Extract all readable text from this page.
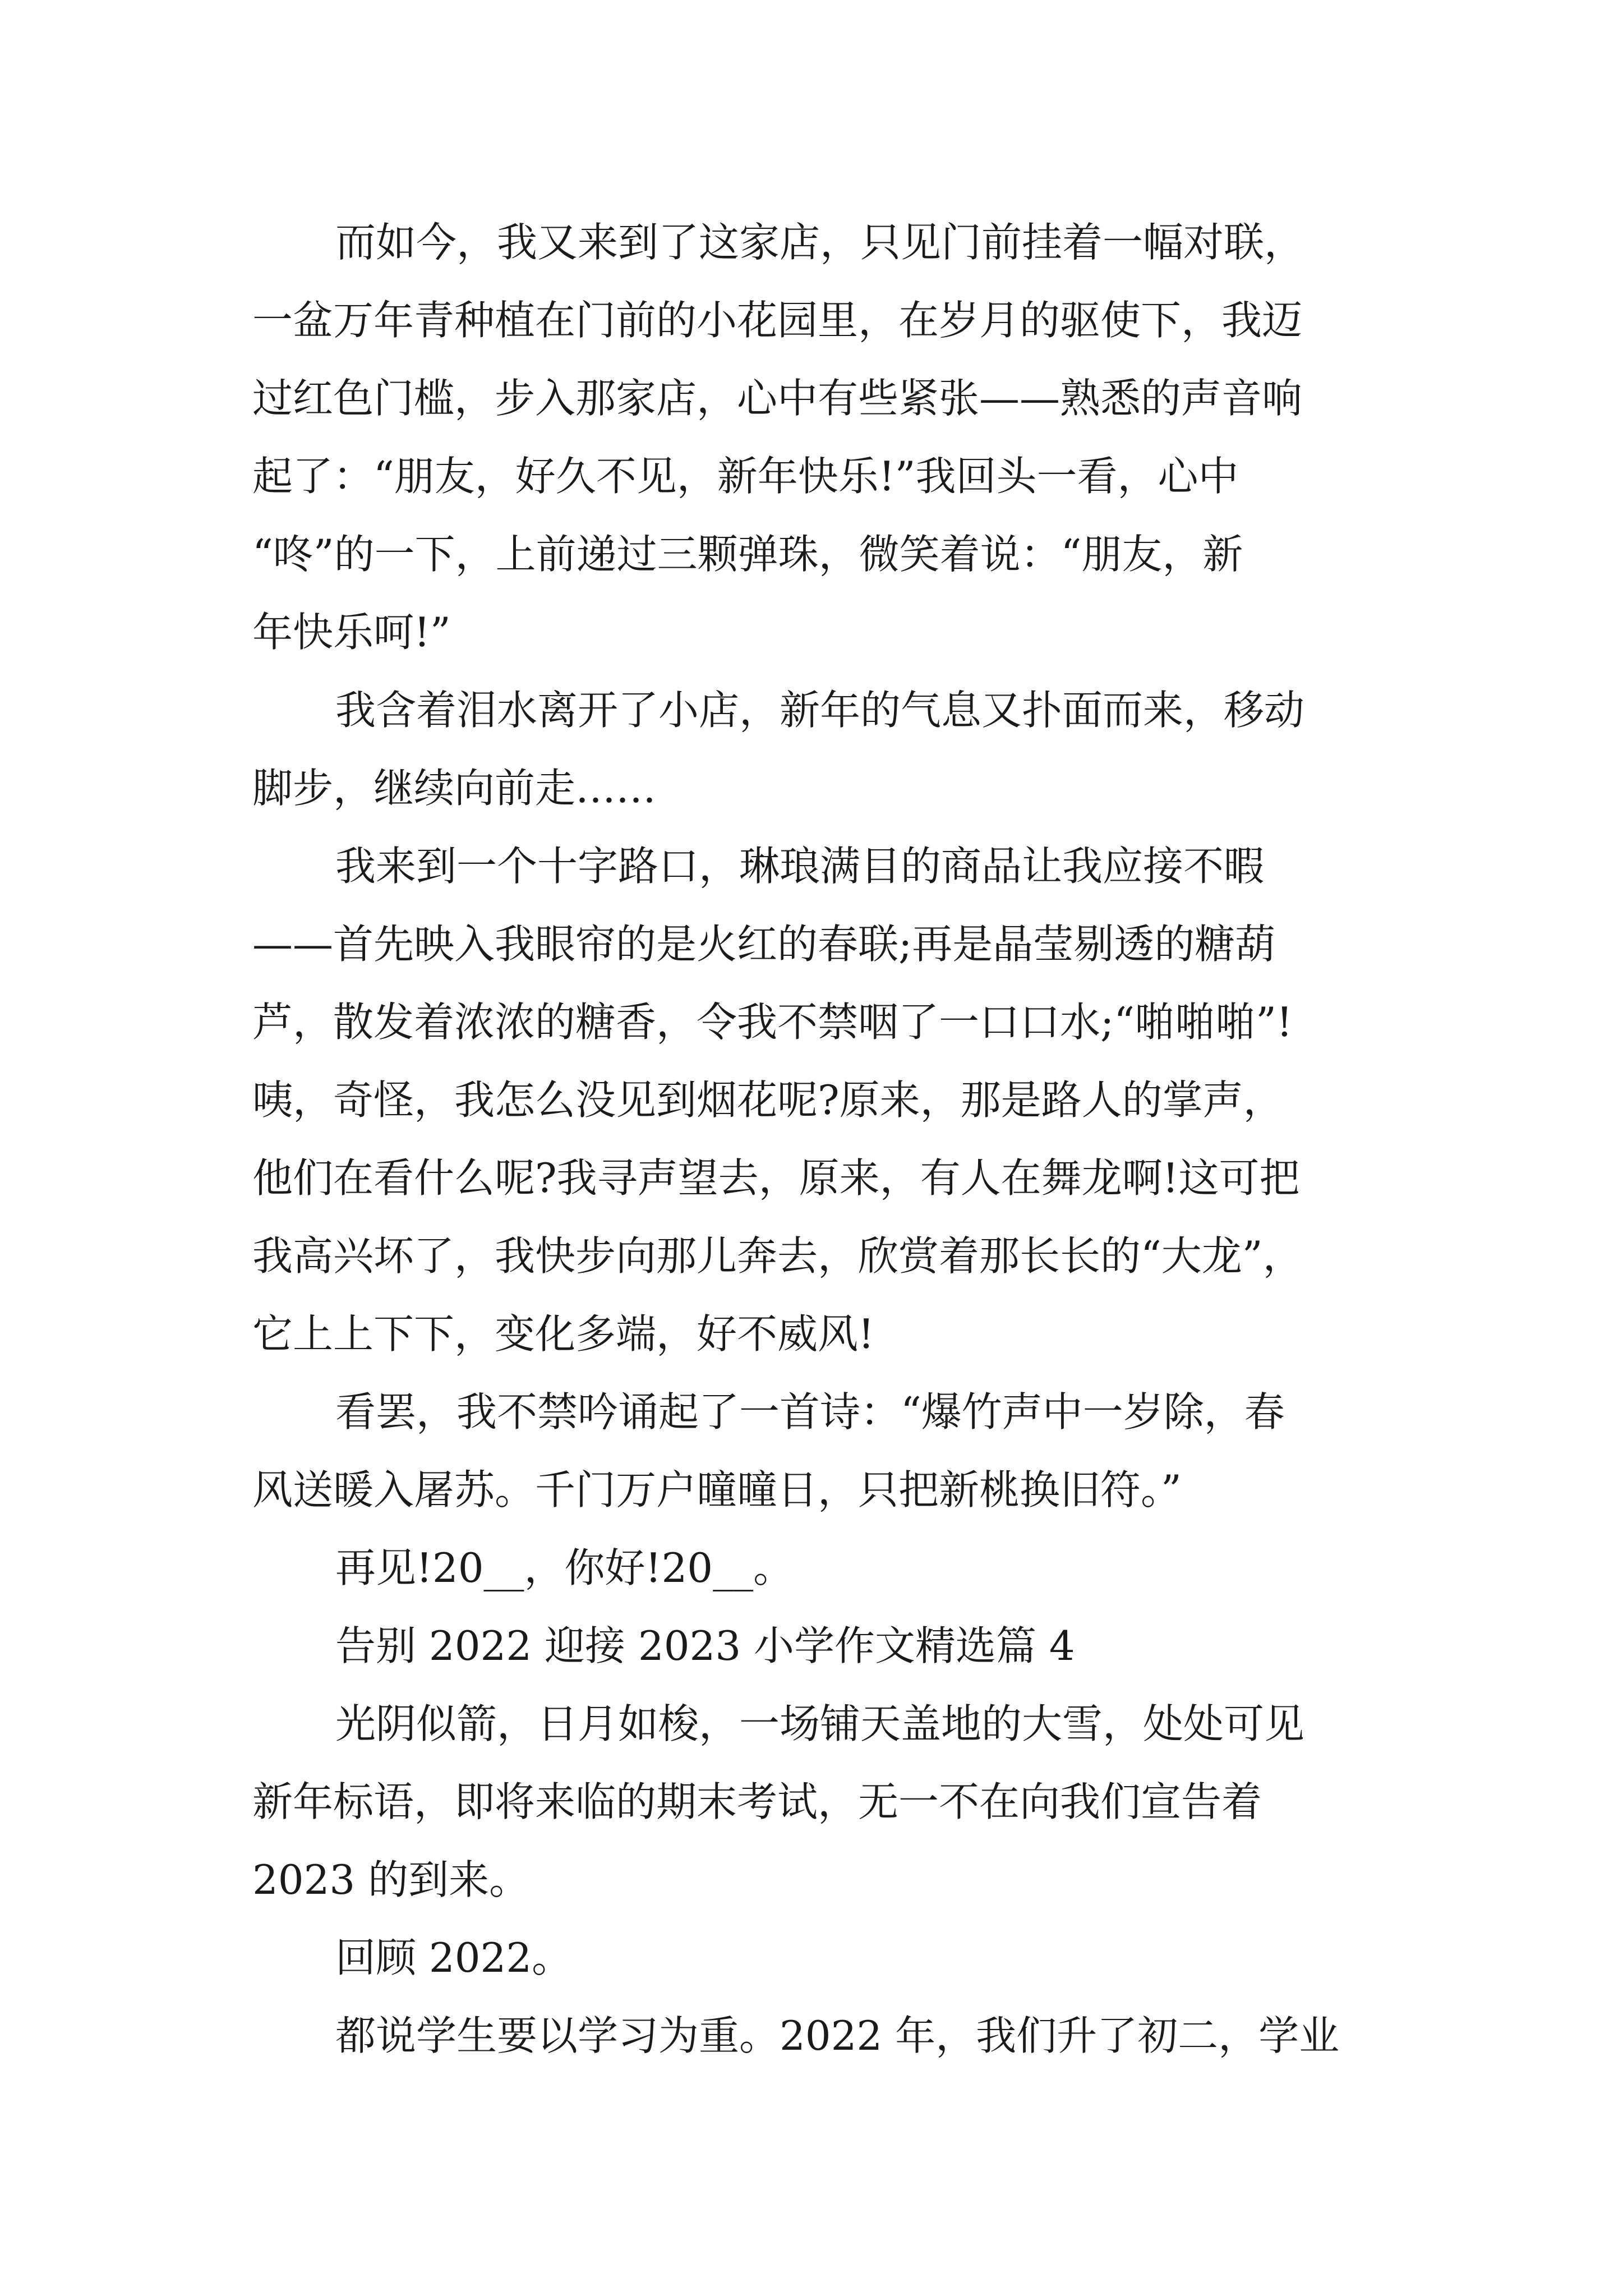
而如今，我又来到了这家店，只见门前挂着一幅对联，
一盆万年青种植在门前的小花园里，在岁月的驱使下，我迈
过红色门槛，步入那家店，心中有些紧张——熟悉的声音响
起了：“朋友，好久不见，新年快乐!”我回头一看，心中
“咚”的一下，上前递过三颗弹珠，微笑着说：“朋友，新
年快乐呵!”
我含着泪水离开了小店，新年的气息又扑面而来，移动
脚步，继续向前走……
我来到一个十字路口，琳琅满目的商品让我应接不暇
——首先映入我眼帘的是火红的春联;再是晶莹剔透的糖葫
芦，散发着浓浓的糖香，令我不禁咽了一口口水;“啪啪啪”!
咦，奇怪，我怎么没见到烟花呢?原来，那是路人的掌声，
他们在看什么呢?我寻声望去，原来，有人在舞龙啊!这可把
我高兴坏了，我快步向那儿奔去，欣赏着那长长的“大龙”，
它上上下下，变化多端，好不威风!
看罢，我不禁吟诵起了一首诗：“爆竹声中一岁除，春
风送暖入屠苏。千门万户曈曈日，只把新桃换旧符。”
再见!20__，你好!20__。
告别 2022 迎接 2023 小学作文精选篇 4
光阴似箭，日月如梭，一场铺天盖地的大雪，处处可见
新年标语，即将来临的期末考试，无一不在向我们宣告着
2023 的到来。
回顾 2022。
都说学生要以学习为重。2022 年，我们升了初二，学业
